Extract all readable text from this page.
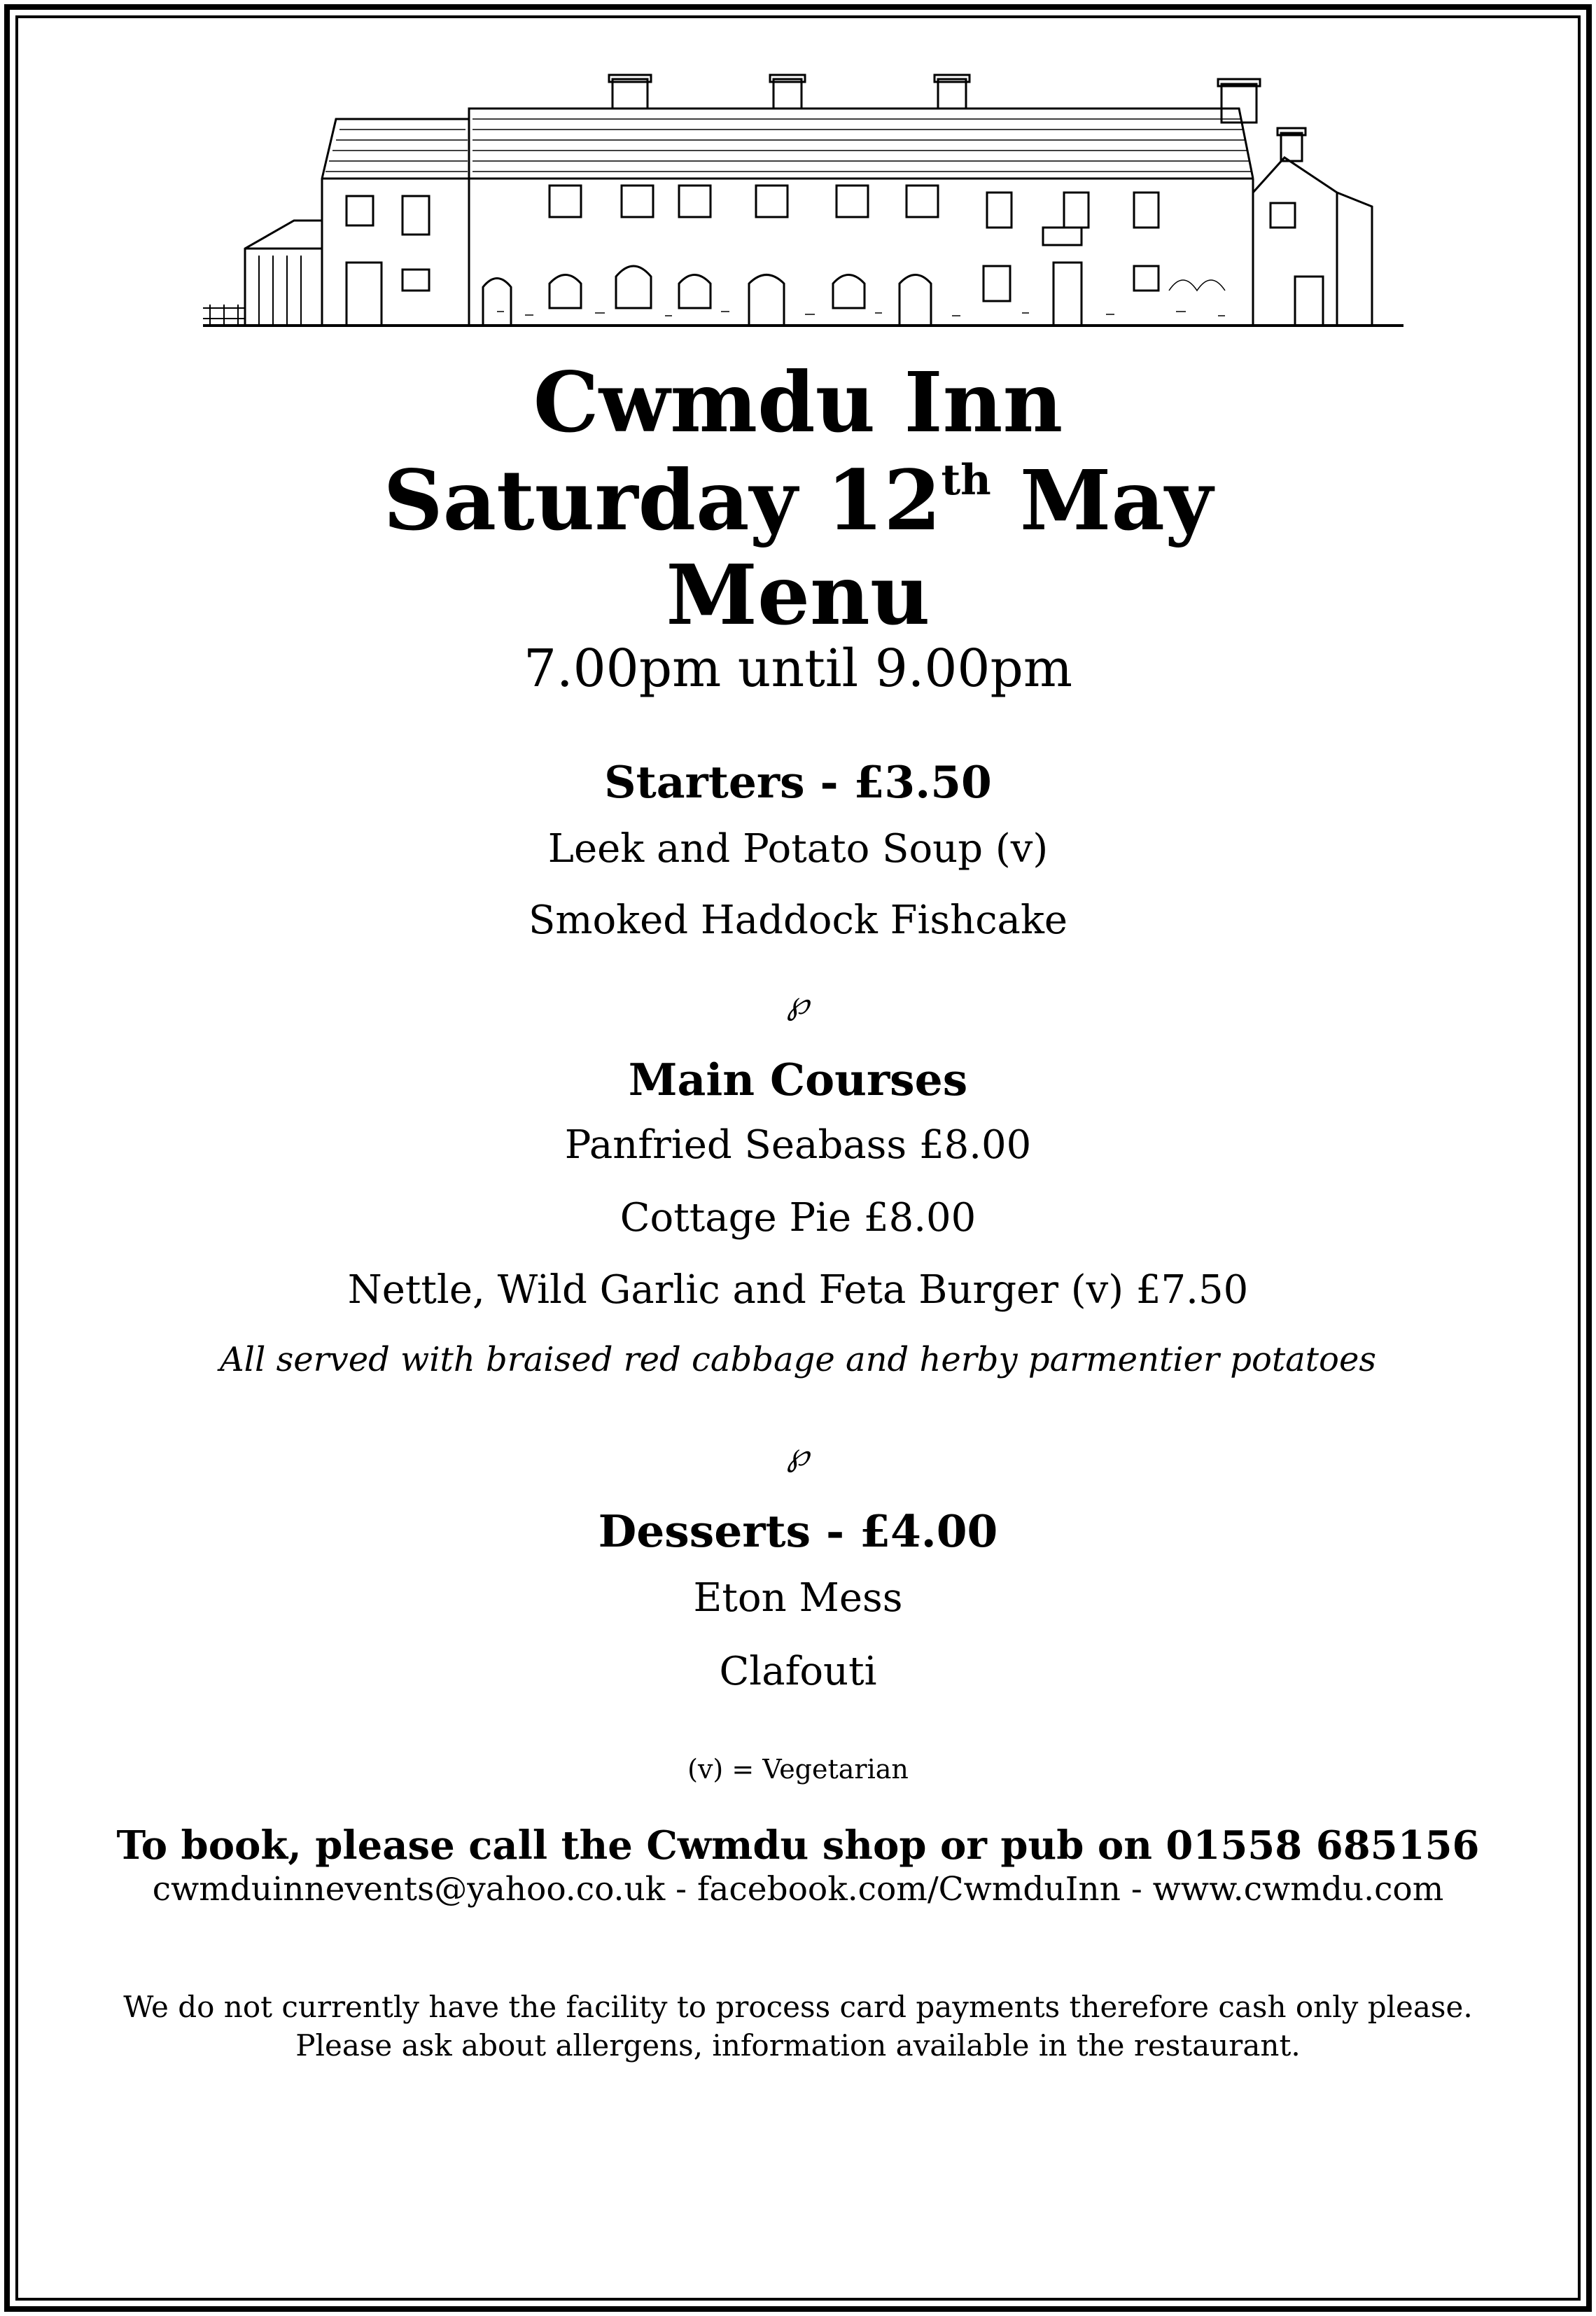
Cwmdu Inn
Saturday 12th May
Menu
7.00pm until 9.00pm
Starters - £3.50
Leek and Potato Soup (v)
Smoked Haddock Fishcake
℘
Main Courses
Panfried Seabass £8.00
Cottage Pie £8.00
Nettle, Wild Garlic and Feta Burger (v) £7.50
All served with braised red cabbage and herby parmentier potatoes
℘
Desserts - £4.00
Eton Mess
Clafouti
(v) = Vegetarian
To book, please call the Cwmdu shop or pub on 01558 685156
cwmduinnevents@yahoo.co.uk - facebook.com/CwmduInn - www.cwmdu.com
We do not currently have the facility to process card payments therefore cash only please.
Please ask about allergens, information available in the restaurant.
